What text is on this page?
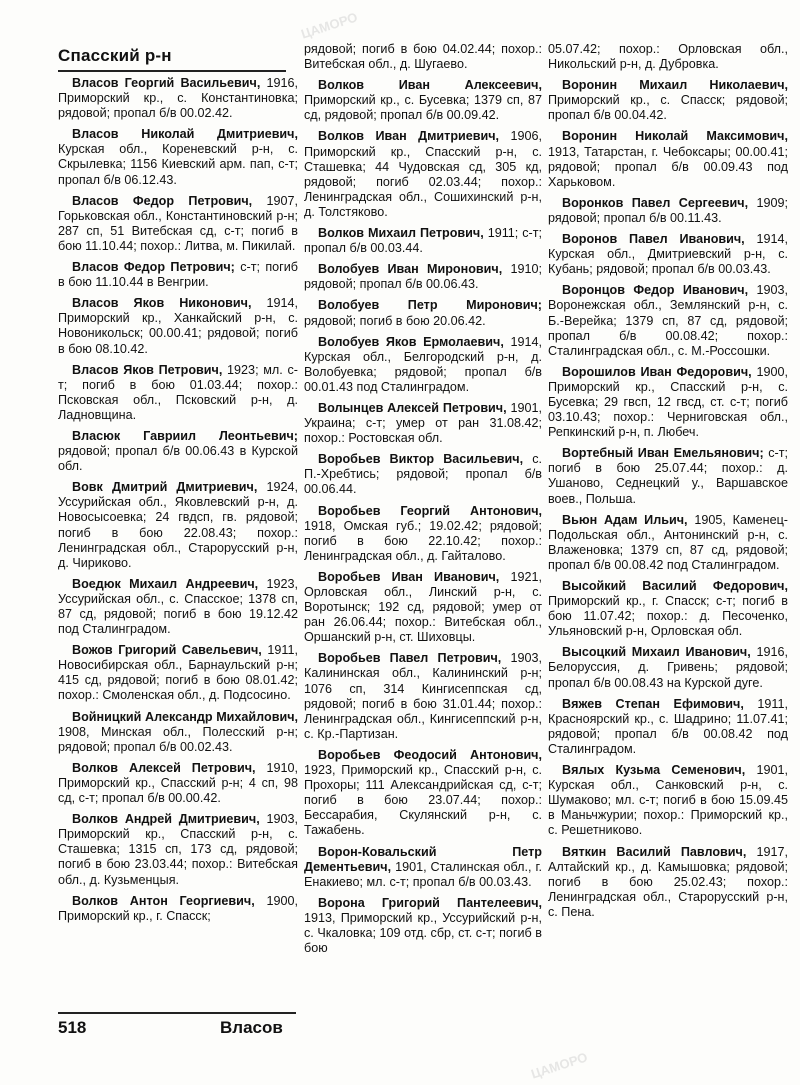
Спасский р-н

Власов Георгий Васильевич, 1916, Приморский кр., с. Константиновка; рядовой; пропал б/в 00.02.42.

Власов Николай Дмитриевич, Курская обл., Кореневский р-н, с. Скрылевка; 1156 Киевский арм. пап, с-т; пропал б/в 06.12.43.

Власов Федор Петрович, 1907, Горьковская обл., Константиновский р-н; 287 сп, 51 Витебская сд, с-т; погиб в бою 11.10.44; похор.: Литва, м. Пикилай.

Власов Федор Петрович; с-т; погиб в бою 11.10.44 в Венгрии.

Власов Яков Никонович, 1914, Приморский кр., Ханкайский р-н, с. Новоникольск; 00.00.41; рядовой; погиб в бою 08.10.42.

Власов Яков Петрович, 1923; мл. с-т; погиб в бою 01.03.44; похор.: Псковская обл., Псковский р-н, д. Ладновщина.

Власюк Гавриил Леонтьевич; рядовой; пропал б/в 00.06.43 в Курской обл.

Вовк Дмитрий Дмитриевич, 1924, Уссурийская обл., Яковлевский р-н, д. Новосысоевка; 24 гвдсп, гв. рядовой; погиб в бою 22.08.43; похор.: Ленинградская обл., Старорусский р-н, д. Чириково.

Воедюк Михаил Андреевич, 1923, Уссурийская обл., с. Спасское; 1378 сп, 87 сд, рядовой; погиб в бою 19.12.42 под Сталинградом.

Вожов Григорий Савельевич, 1911, Новосибирская обл., Барнаульский р-н; 415 сд, рядовой; погиб в бою 08.01.42; похор.: Смоленская обл., д. Подсосино.

Войницкий Александр Михайлович, 1908, Минская обл., Полесский р-н; рядовой; пропал б/в 00.02.43.

Волков Алексей Петрович, 1910, Приморский кр., Спасский р-н; 4 сп, 98 сд, с-т; пропал б/в 00.00.42.

Волков Андрей Дмитриевич, 1903, Приморский кр., Спасский р-н, с. Сташевка; 1315 сп, 173 сд, рядовой; погиб в бою 23.03.44; похор.: Витебская обл., д. Кузьменцыя.

Волков Антон Георгиевич, 1900, Приморский кр., г. Спасск;

рядовой; погиб в бою 04.02.44; похор.: Витебская обл., д. Шугаево.

Волков Иван Алексеевич, Приморский кр., с. Бусевка; 1379 сп, 87 сд, рядовой; пропал б/в 00.09.42.

Волков Иван Дмитриевич, 1906, Приморский кр., Спасский р-н, с. Сташевка; 44 Чудовская сд, 305 кд, рядовой; погиб 02.03.44; похор.: Ленинградская обл., Сошихинский р-н, д. Толстяково.

Волков Михаил Петрович, 1911; с-т; пропал б/в 00.03.44.

Волобуев Иван Миронович, 1910; рядовой; пропал б/в 00.06.43.

Волобуев Петр Миронович; рядовой; погиб в бою 20.06.42.

Волобуев Яков Ермолаевич, 1914, Курская обл., Белгородский р-н, д. Волобуевка; рядовой; пропал б/в 00.01.43 под Сталинградом.

Волынцев Алексей Петрович, 1901, Украина; с-т; умер от ран 31.08.42; похор.: Ростовская обл.

Воробьев Виктор Васильевич, с. П.-Хребтись; рядовой; пропал б/в 00.06.44.

Воробьев Георгий Антонович, 1918, Омская губ.; 19.02.42; рядовой; погиб в бою 22.10.42; похор.: Ленинградская обл., д. Гайталово.

Воробьев Иван Иванович, 1921, Орловская обл., Линский р-н, с. Воротынск; 192 сд, рядовой; умер от ран 26.06.44; похор.: Витебская обл., Оршанский р-н, ст. Шиховцы.

Воробьев Павел Петрович, 1903, Калининская обл., Калининский р-н; 1076 сп, 314 Кингисеппская сд, рядовой; погиб в бою 31.01.44; похор.: Ленинградская обл., Кингисеппский р-н, с. Кр.-Партизан.

Воробьев Феодосий Антонович, 1923, Приморский кр., Спасский р-н, с. Прохоры; 111 Александрийская сд, с-т; погиб в бою 23.07.44; похор.: Бессарабия, Скулянский р-н, с. Тажабень.

Ворон-Ковальский Петр Дементьевич, 1901, Сталинская обл., г. Енакиево; мл. с-т; пропал б/в 00.03.43.

Ворона Григорий Пантелеевич, 1913, Приморский кр., Уссурийский р-н, с. Чкаловка; 109 отд. сбр, ст. с-т; погиб в бою

05.07.42; похор.: Орловская обл., Никольский р-н, д. Дубровка.

Воронин Михаил Николаевич, Приморский кр., с. Спасск; рядовой; пропал б/в 00.04.42.

Воронин Николай Максимович, 1913, Татарстан, г. Чебоксары; 00.00.41; рядовой; пропал б/в 00.09.43 под Харьковом.

Воронков Павел Сергеевич, 1909; рядовой; пропал б/в 00.11.43.

Воронов Павел Иванович, 1914, Курская обл., Дмитриевский р-н, с. Кубань; рядовой; пропал б/в 00.03.43.

Воронцов Федор Иванович, 1903, Воронежская обл., Землянский р-н, с. Б.-Верейка; 1379 сп, 87 сд, рядовой; пропал б/в 00.08.42; похор.: Сталинградская обл., с. М.-Россошки.

Ворошилов Иван Федорович, 1900, Приморский кр., Спасский р-н, с. Бусевка; 29 гвсп, 12 гвсд, ст. с-т; погиб 03.10.43; похор.: Черниговская обл., Репкинский р-н, п. Любеч.

Вортебный Иван Емельянович; с-т; погиб в бою 25.07.44; похор.: д. Ушаново, Седнецкий у., Варшавское воев., Польша.

Вьюн Адам Ильич, 1905, Каменец-Подольская обл., Антонинский р-н, с. Влаженовка; 1379 сп, 87 сд, рядовой; пропал б/в 00.08.42 под Сталинградом.

Высойкий Василий Федорович, Приморский кр., г. Спасск; с-т; погиб в бою 11.07.42; похор.: д. Песоченко, Ульяновский р-н, Орловская обл.

Высоцкий Михаил Иванович, 1916, Белоруссия, д. Гривень; рядовой; пропал б/в 00.08.43 на Курской дуге.

Вяжев Степан Ефимович, 1911, Красноярский кр., с. Шадрино; 11.07.41; рядовой; пропал б/в 00.08.42 под Сталинградом.

Вялых Кузьма Семенович, 1901, Курская обл., Санковский р-н, с. Шумаково; мл. с-т; погиб в бою 15.09.45 в Маньчжурии; похор.: Приморский кр., с. Решетниково.

Вяткин Василий Павлович, 1917, Алтайский кр., д. Камышовка; рядовой; погиб в бою 25.02.43; похор.: Ленинградская обл., Старорусский р-н, с. Пена.

518	Власов
ЦАМОРО
ЦАМОРО
